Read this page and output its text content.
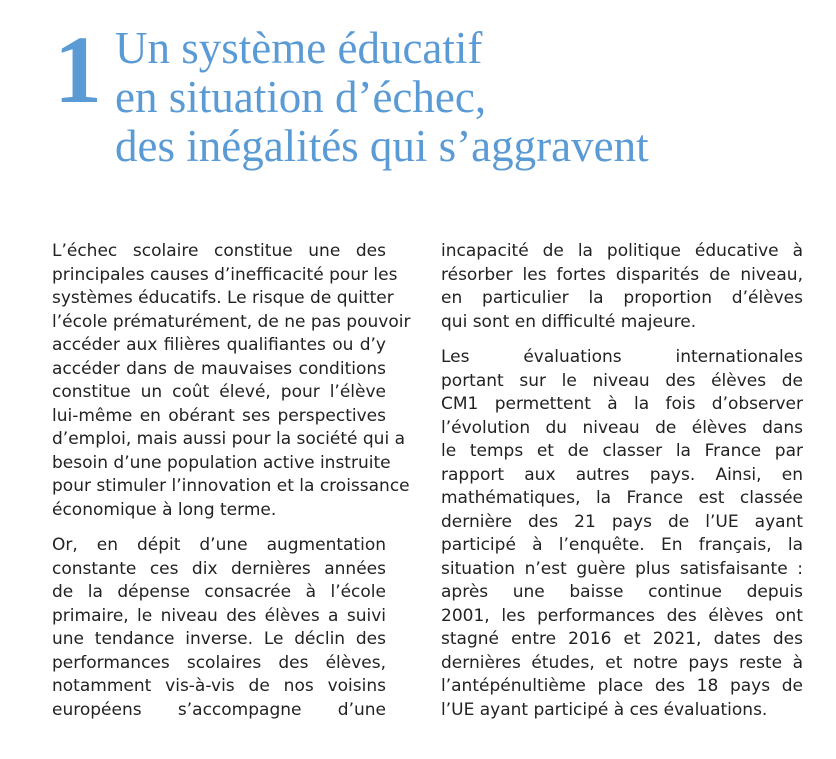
1 Un système éducatif
en situation d’échec,
des inégalités qui s’aggravent

L’échec scolaire constitue une des
principales causes d’inefficacité pour les
systèmes éducatifs. Le risque de quitter
l’école prématurément, de ne pas pouvoir
accéder aux filières qualifiantes ou d’y
accéder dans de mauvaises conditions
constitue un coût élevé, pour l’élève
lui-même en obérant ses perspectives
d’emploi, mais aussi pour la société qui a
besoin d’une population active instruite
pour stimuler l’innovation et la croissance
économique à long terme.

Or, en dépit d’une augmentation
constante ces dix dernières années
de la dépense consacrée à l’école
primaire, le niveau des élèves a suivi
une tendance inverse. Le déclin des
performances scolaires des élèves,
notamment vis-à-vis de nos voisins
européens s’accompagne d’une

incapacité de la politique éducative à
résorber les fortes disparités de niveau,
en particulier la proportion d’élèves
qui sont en difficulté majeure.

Les évaluations internationales
portant sur le niveau des élèves de
CM1 permettent à la fois d’observer
l’évolution du niveau de élèves dans
le temps et de classer la France par
rapport aux autres pays. Ainsi, en
mathématiques, la France est classée
dernière des 21 pays de l’UE ayant
participé à l’enquête. En français, la
situation n’est guère plus satisfaisante :
après une baisse continue depuis
2001, les performances des élèves ont
stagné entre 2016 et 2021, dates des
dernières études, et notre pays reste à
l’antépénultième place des 18 pays de
l’UE ayant participé à ces évaluations.
